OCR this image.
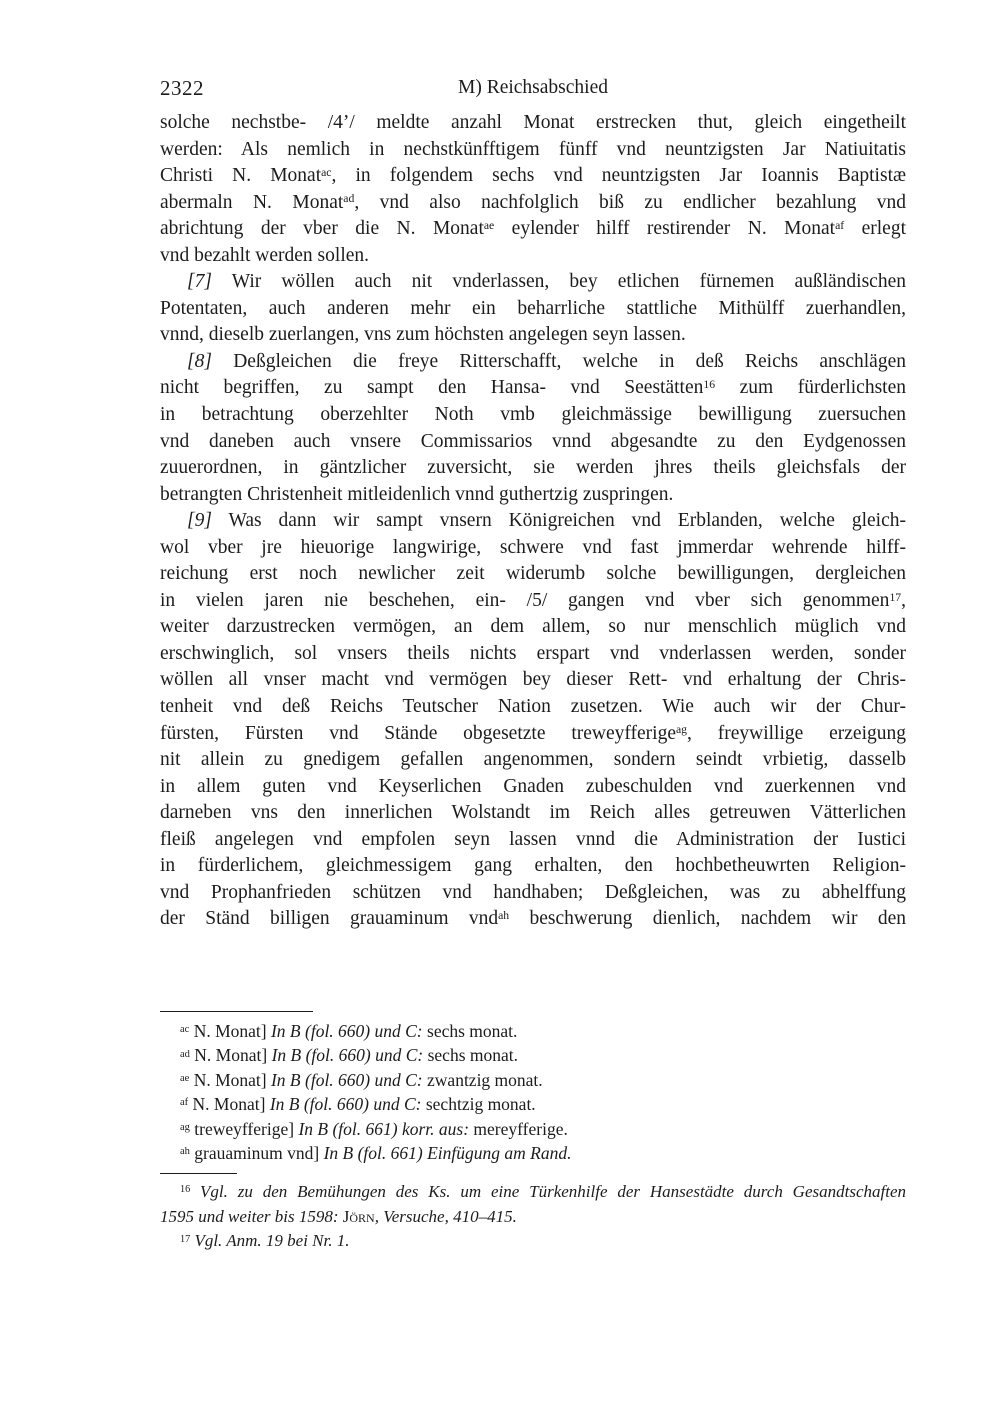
2322	M) Reichsabschied
solche nechstbe- /4’/ meldte anzahl Monat erstrecken thut, gleich eingetheilt
werden: Als nemlich in nechstkünfftigem fünff vnd neuntzigsten Jar Natiuitatis
Christi N. Monat$^{ac}$, in folgendem sechs vnd neuntzigsten Jar Ioannis Baptistæ
abermaln N. Monat$^{ad}$, vnd also nachfolglich biß zu endlicher bezahlung vnd
abrichtung der vber die N. Monat$^{ae}$ eylender hilff restirender N. Monat$^{af}$ erlegt
vnd bezahlt werden sollen.
[7] Wir wöllen auch nit vnderlassen, bey etlichen fürnemen außländischen
Potentaten, auch anderen mehr ein beharrliche stattliche Mithülff zuerhandlen,
vnnd, dieselb zuerlangen, vns zum höchsten angelegen seyn lassen.
[8] Deßgleichen die freye Ritterschafft, welche in deß Reichs anschlägen
nicht begriffen, zu sampt den Hansa- vnd Seestätten$^{16}$ zum fürderlichsten
in betrachtung oberzehlter Noth vmb gleichmässige bewilligung zuersuchen
vnd daneben auch vnsere Commissarios vnnd abgesandte zu den Eydgenossen
zuuerordnen, in gäntzlicher zuversicht, sie werden jhres theils gleichsfals der
betrangten Christenheit mitleidenlich vnnd guthertzig zuspringen.
[9] Was dann wir sampt vnsern Königreichen vnd Erblanden, welche gleich-
wol vber jre hieuorige langwirige, schwere vnd fast jmmerdar wehrende hilff-
reichung erst noch newlicher zeit widerumb solche bewilligungen, dergleichen
in vielen jaren nie beschehen, ein- /5/ gangen vnd vber sich genommen$^{17}$,
weiter darzustrecken vermögen, an dem allem, so nur menschlich müglich vnd
erschwinglich, sol vnsers theils nichts erspart vnd vnderlassen werden, sonder
wöllen all vnser macht vnd vermögen bey dieser Rett- vnd erhaltung der Chris-
tenheit vnd deß Reichs Teutscher Nation zusetzen. Wie auch wir der Chur-
fürsten, Fürsten vnd Stände obgesetzte treweyfferige$^{ag}$, freywillige erzeigung
nit allein zu gnedigem gefallen angenommen, sondern seindt vrbietig, dasselb
in allem guten vnd Keyserlichen Gnaden zubeschulden vnd zuerkennen vnd
darneben vns den innerlichen Wolstandt im Reich alles getreuwen Vätterlichen
fleiß angelegen vnd empfolen seyn lassen vnnd die Administration der Iustici
in fürderlichem, gleichmessigem gang erhalten, den hochbetheuwrten Religion-
vnd Prophanfrieden schützen vnd handhaben; Deßgleichen, was zu abhelffung
der Ständ billigen grauaminum vnd$^{ah}$ beschwerung dienlich, nachdem wir den
$^{ac}$ N. Monat] In B (fol. 660) und C: sechs monat.
$^{ad}$ N. Monat] In B (fol. 660) und C: sechs monat.
$^{ae}$ N. Monat] In B (fol. 660) und C: zwantzig monat.
$^{af}$ N. Monat] In B (fol. 660) und C: sechtzig monat.
$^{ag}$ treweyfferige] In B (fol. 661) korr. aus: mereyfferige.
$^{ah}$ grauaminum vnd] In B (fol. 661) Einfügung am Rand.
$^{16}$ Vgl. zu den Bemühungen des Ks. um eine Türkenhilfe der Hansestädte durch Gesandtschaften
1595 und weiter bis 1598: Jörn, Versuche, 410–415.
$^{17}$ Vgl. Anm. 19 bei Nr. 1.
